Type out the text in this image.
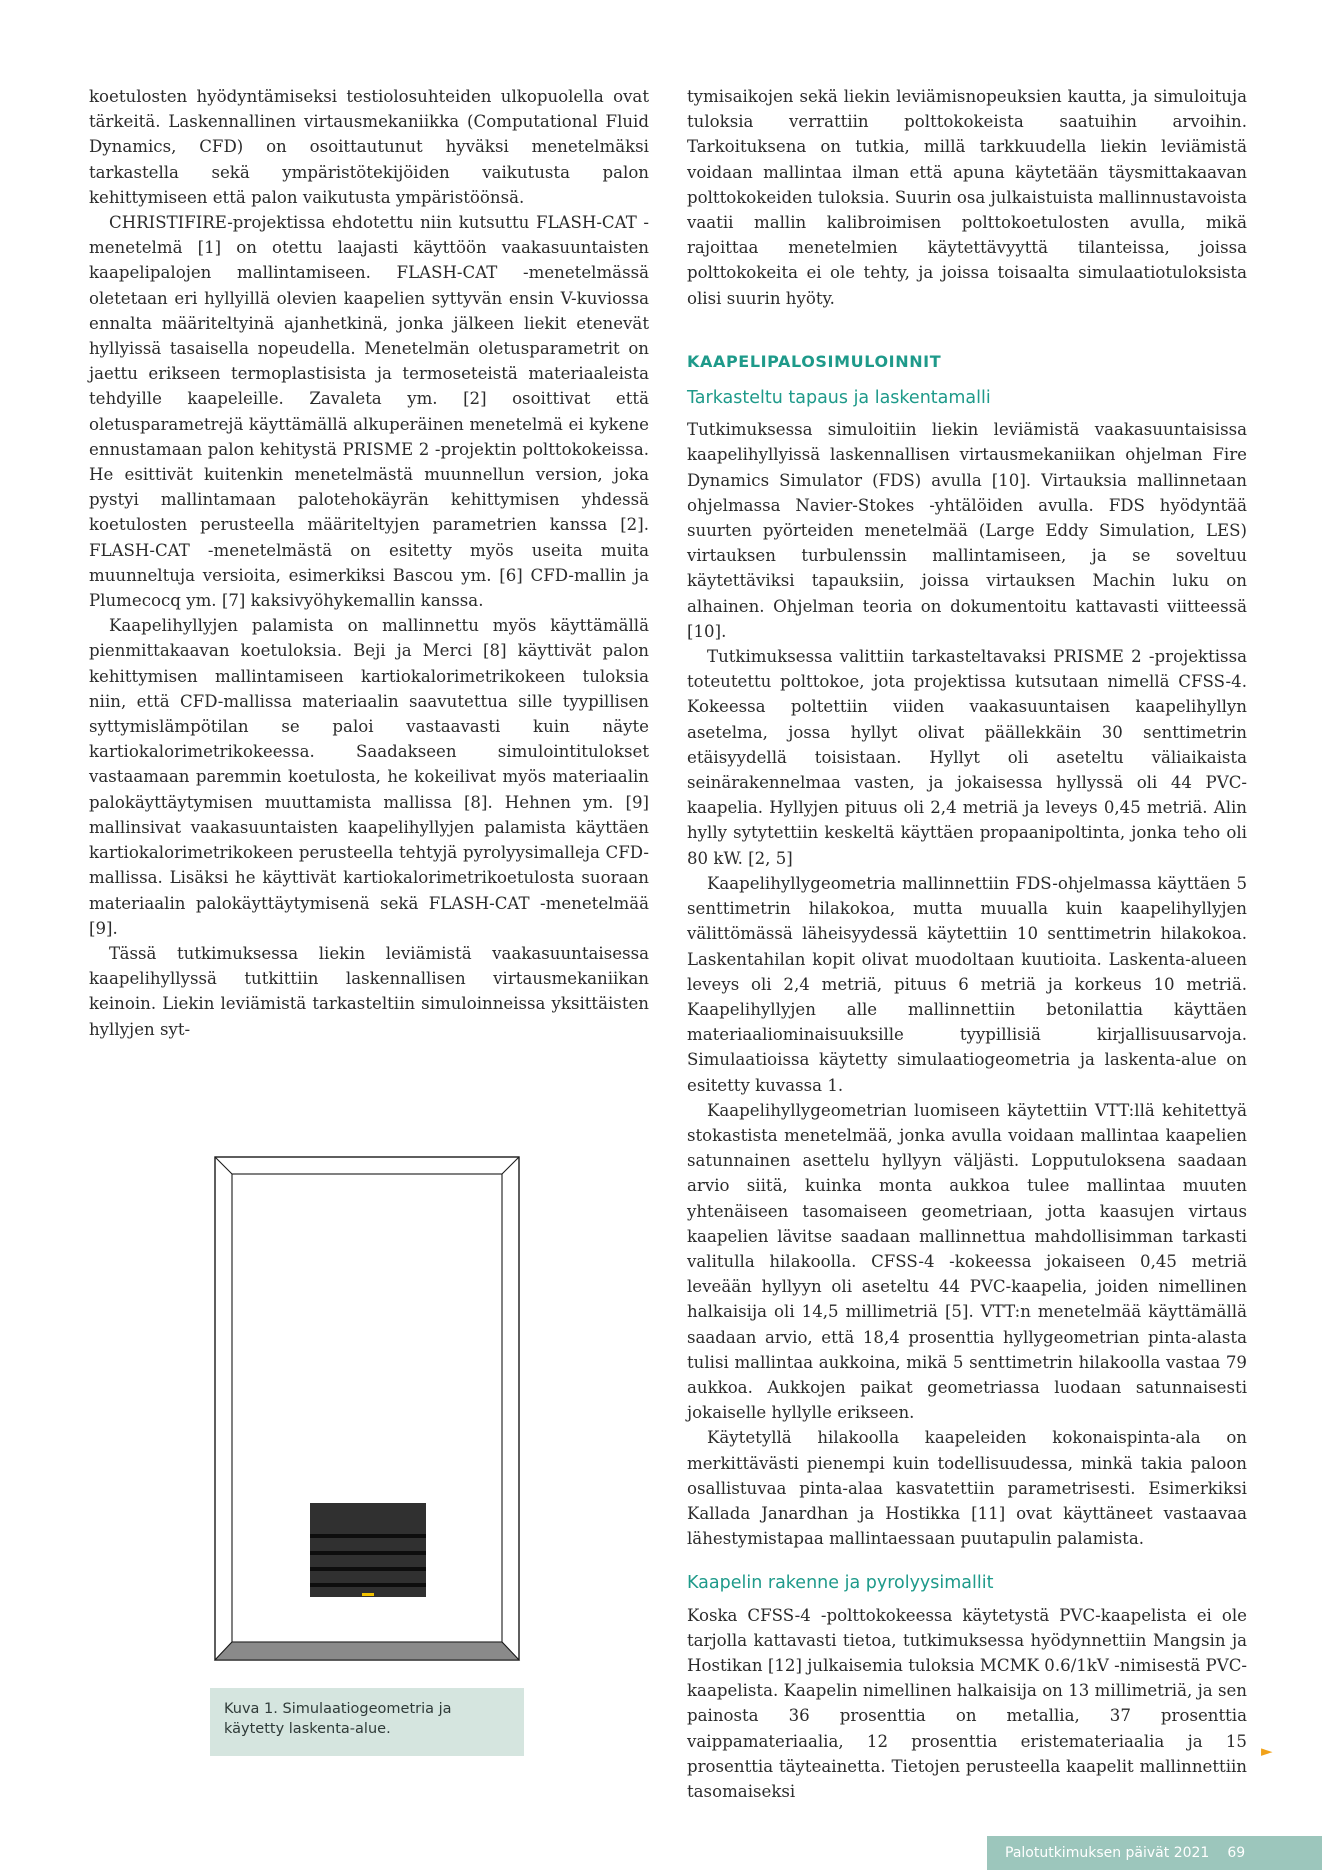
koetulosten hyödyntämiseksi testiolosuhteiden ulkopuolella ovat tärkeitä. Laskennallinen virtausmekaniikka (Computational Fluid Dynamics, CFD) on osoittautunut hyväksi menetelmäksi tarkastella sekä ympäristötekijöiden vaikutusta palon kehittymiseen että palon vaikutusta ympäristöönsä.

CHRISTIFIRE-projektissa ehdotettu niin kutsuttu FLASH-CAT -menetelmä [1] on otettu laajasti käyttöön vaakasuuntaisten kaapelipalojen mallintamiseen. FLASH-CAT -menetelmässä oletetaan eri hyllyillä olevien kaapelien syttyvän ensin V-kuviossa ennalta määriteltyinä ajanhetkinä, jonka jälkeen liekit etenevät hyllyissä tasaisella nopeudella. Menetelmän oletusparametrit on jaettu erikseen termoplastisista ja termoseteistä materiaaleista tehdyille kaapeleille. Zavaleta ym. [2] osoittivat että oletusparametrejä käyttämällä alkuperäinen menetelmä ei kykene ennustamaan palon kehitystä PRISME 2 -projektin polttokokeissa. He esittivät kuitenkin menetelmästä muunnellun version, joka pystyi mallintamaan palotehokäyrän kehittymisen yhdessä koetulosten perusteella määriteltyjen parametrien kanssa [2]. FLASH-CAT -menetelmästä on esitetty myös useita muita muunneltuja versioita, esimerkiksi Bascou ym. [6] CFD-mallin ja Plumecocq ym. [7] kaksivyöhykemallin kanssa.

Kaapelihyllyjen palamista on mallinnettu myös käyttämällä pienmittakaavan koetuloksia. Beji ja Merci [8] käyttivät palon kehittymisen mallintamiseen kartiokalorimetrikokeen tuloksia niin, että CFD-mallissa materiaalin saavutettua sille tyypillisen syttymislämpötilan se paloi vastaavasti kuin näyte kartiokalorimetrikokeessa. Saadakseen simulointitulokset vastaamaan paremmin koetulosta, he kokeilivat myös materiaalin palokäyttäytymisen muuttamista mallissa [8]. Hehnen ym. [9] mallinsivat vaakasuuntaisten kaapelihyllyjen palamista käyttäen kartiokalorimetrikokeen perusteella tehtyjä pyrolyysimalleja CFD-mallissa. Lisäksi he käyttivät kartiokalorimetrikoetulosta suoraan materiaalin palokäyttäytymisenä sekä FLASH-CAT -menetelmää [9].

Tässä tutkimuksessa liekin leviämistä vaakasuuntaisessa kaapelihyllyssä tutkittiin laskennallisen virtausmekaniikan keinoin. Liekin leviämistä tarkasteltiin simuloinneissa yksittäisten hyllyjen syt-

Kuva 1. Simulaatiogeometria ja käytetty laskenta-alue.

tymisaikojen sekä liekin leviämisnopeuksien kautta, ja simuloituja tuloksia verrattiin polttokokeista saatuihin arvoihin. Tarkoituksena on tutkia, millä tarkkuudella liekin leviämistä voidaan mallintaa ilman että apuna käytetään täysmittakaavan polttokokeiden tuloksia. Suurin osa julkaistuista mallinnustavoista vaatii mallin kalibroimisen polttokoetulosten avulla, mikä rajoittaa menetelmien käytettävyyttä tilanteissa, joissa polttokokeita ei ole tehty, ja joissa toisaalta simulaatiotuloksista olisi suurin hyöty.

KAAPELIPALOSIMULOINNIT
Tarkasteltu tapaus ja laskentamalli

Tutkimuksessa simuloitiin liekin leviämistä vaakasuuntaisissa kaapelihyllyissä laskennallisen virtausmekaniikan ohjelman Fire Dynamics Simulator (FDS) avulla [10]. Virtauksia mallinnetaan ohjelmassa Navier-Stokes -yhtälöiden avulla. FDS hyödyntää suurten pyörteiden menetelmää (Large Eddy Simulation, LES) virtauksen turbulenssin mallintamiseen, ja se soveltuu käytettäviksi tapauksiin, joissa virtauksen Machin luku on alhainen. Ohjelman teoria on dokumentoitu kattavasti viitteessä [10].

Tutkimuksessa valittiin tarkasteltavaksi PRISME 2 -projektissa toteutettu polttokoe, jota projektissa kutsutaan nimellä CFSS-4. Kokeessa poltettiin viiden vaakasuuntaisen kaapelihyllyn asetelma, jossa hyllyt olivat päällekkäin 30 senttimetrin etäisyydellä toisistaan. Hyllyt oli aseteltu väliaikaista seinärakennelmaa vasten, ja jokaisessa hyllyssä oli 44 PVC-kaapelia. Hyllyjen pituus oli 2,4 metriä ja leveys 0,45 metriä. Alin hylly sytytettiin keskeltä käyttäen propaanipoltinta, jonka teho oli 80 kW. [2, 5]

Kaapelihyllygeometria mallinnettiin FDS-ohjelmassa käyttäen 5 senttimetrin hilakokoa, mutta muualla kuin kaapelihyllyjen välittömässä läheisyydessä käytettiin 10 senttimetrin hilakokoa. Laskentahilan kopit olivat muodoltaan kuutioita. Laskenta-alueen leveys oli 2,4 metriä, pituus 6 metriä ja korkeus 10 metriä. Kaapelihyllyjen alle mallinnettiin betonilattia käyttäen materiaaliominaisuuksille tyypillisiä kirjallisuusarvoja. Simulaatioissa käytetty simulaatiogeometria ja laskenta-alue on esitetty kuvassa 1.

Kaapelihyllygeometrian luomiseen käytettiin VTT:llä kehitettyä stokastista menetelmää, jonka avulla voidaan mallintaa kaapelien satunnainen asettelu hyllyyn väljästi. Lopputuloksena saadaan arvio siitä, kuinka monta aukkoa tulee mallintaa muuten yhtenäiseen tasomaiseen geometriaan, jotta kaasujen virtaus kaapelien lävitse saadaan mallinnettua mahdollisimman tarkasti valitulla hilakoolla. CFSS-4 -kokeessa jokaiseen 0,45 metriä leveään hyllyyn oli aseteltu 44 PVC-kaapelia, joiden nimellinen halkaisija oli 14,5 millimetriä [5]. VTT:n menetelmää käyttämällä saadaan arvio, että 18,4 prosenttia hyllygeometrian pinta-alasta tulisi mallintaa aukkoina, mikä 5 senttimetrin hilakoolla vastaa 79 aukkoa. Aukkojen paikat geometriassa luodaan satunnaisesti jokaiselle hyllylle erikseen.

Käytetyllä hilakoolla kaapeleiden kokonaispinta-ala on merkittävästi pienempi kuin todellisuudessa, minkä takia paloon osallistuvaa pinta-alaa kasvatettiin parametrisesti. Esimerkiksi Kallada Janardhan ja Hostikka [11] ovat käyttäneet vastaavaa lähestymistapaa mallintaessaan puutapulin palamista.

Kaapelin rakenne ja pyrolyysimallit

Koska CFSS-4 -polttokokeessa käytetystä PVC-kaapelista ei ole tarjolla kattavasti tietoa, tutkimuksessa hyödynnettiin Mangsin ja Hostikan [12] julkaisemia tuloksia MCMK 0.6/1kV -nimisestä PVC-kaapelista. Kaapelin nimellinen halkaisija on 13 millimetriä, ja sen painosta 36 prosenttia on metallia, 37 prosenttia vaippamateriaalia, 12 prosenttia eristemateriaalia ja 15 prosenttia täyteainetta. Tietojen perusteella kaapelit mallinnettiin tasomaiseksi

►
Palotutkimuksen päivät 2021 69
